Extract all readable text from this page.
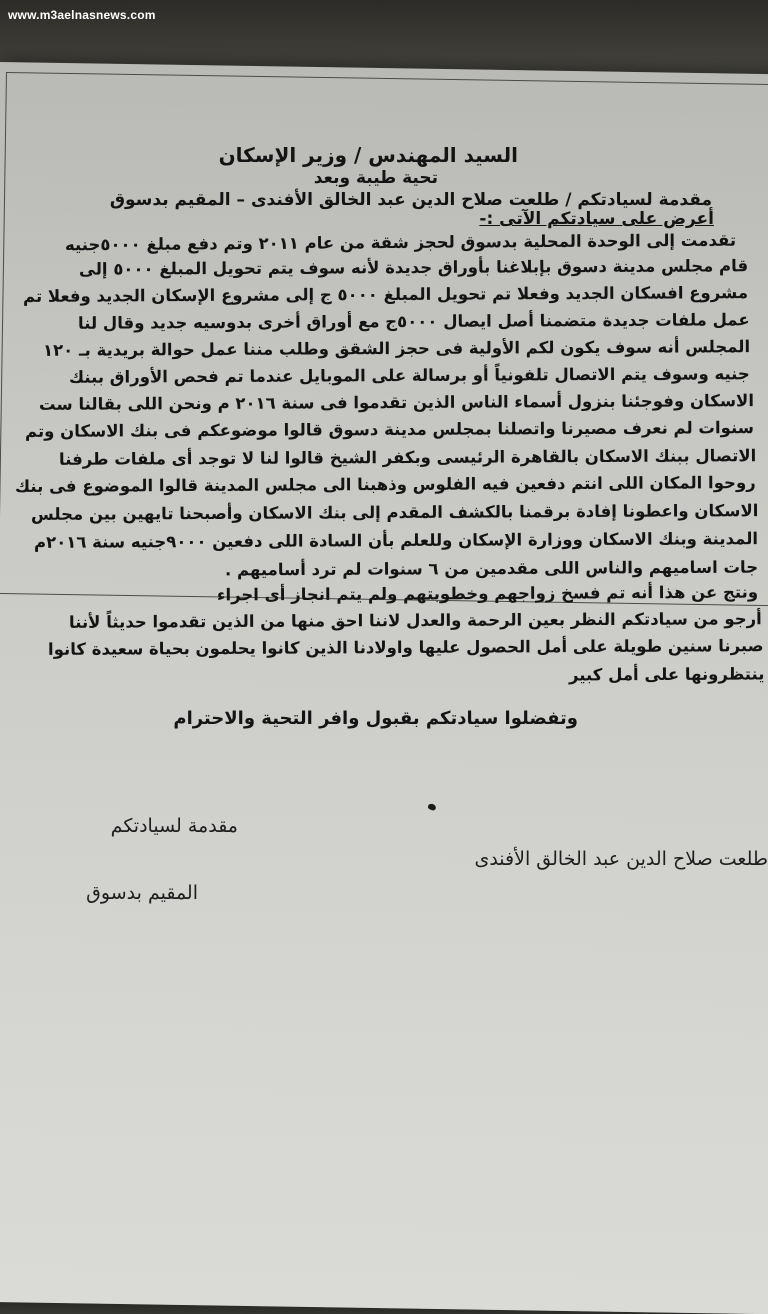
www.m3aelnasnews.com
السيد المهندس / وزير الإسكان
تحية طيبة وبعد
مقدمة لسيادتكم / طلعت صلاح الدين عبد الخالق الأفندى – المقيم بدسوق
أعرض على سيادتكم الآتى :-
تقدمت إلى الوحدة المحلية بدسوق لحجز شقة من عام ٢٠١١ وتم دفع مبلغ ٥٠٠٠جنيه
قام مجلس مدينة دسوق بإبلاغنا بأوراق جديدة لأنه سوف يتم تحويل المبلغ ٥٠٠٠ إلى
مشروع افسكان الجديد وفعلا تم تحويل المبلغ ٥٠٠٠ ج إلى مشروع الإسكان الجديد وفعلا تم
عمل ملفات جديدة متضمنا أصل ايصال ٥٠٠٠ج مع أوراق أخرى بدوسيه جديد وقال لنا
المجلس أنه سوف يكون لكم الأولية فى حجز الشقق وطلب مننا عمل حوالة بريدية بـ ١٢٠
جنيه وسوف يتم الاتصال تلفونياً أو برسالة على الموبايل عندما تم فحص الأوراق ببنك
الاسكان وفوجئنا بنزول أسماء الناس الذين تقدموا فى سنة ٢٠١٦ م ونحن اللى بقالنا ست
سنوات لم نعرف مصيرنا واتصلنا بمجلس مدينة دسوق قالوا موضوعكم فى بنك الاسكان وتم
الاتصال ببنك الاسكان بالقاهرة الرئيسى وبكفر الشيخ قالوا لنا لا توجد أى ملفات طرفنا
روحوا المكان اللى انتم دفعين فيه الفلوس وذهبنا الى مجلس المدينة قالوا الموضوع فى بنك
الاسكان واعطونا إفادة برقمنا بالكشف المقدم إلى بنك الاسكان وأصبحنا تايهين بين مجلس
المدينة وبنك الاسكان ووزارة الإسكان وللعلم بأن السادة اللى دفعين ٩٠٠٠جنيه سنة ٢٠١٦م
جات اساميهم والناس اللى مقدمين من ٦ سنوات لم ترد أساميهم .
ونتج عن هذا أنه تم فسخ زواجهم وخطوبتهم ولم يتم انجاز أى اجراء
أرجو من سيادتكم النظر بعين الرحمة والعدل لاننا احق منها من الذين تقدموا حديثاً لأننا
صبرنا سنين طويلة على أمل الحصول عليها واولادنا الذين كانوا يحلمون بحياة سعيدة كانوا
ينتظرونها على أمل كبير
وتفضلوا سيادتكم بقبول وافر التحية والاحترام
مقدمة لسيادتكم
طلعت صلاح الدين عبد الخالق الأفندى
المقيم بدسوق
